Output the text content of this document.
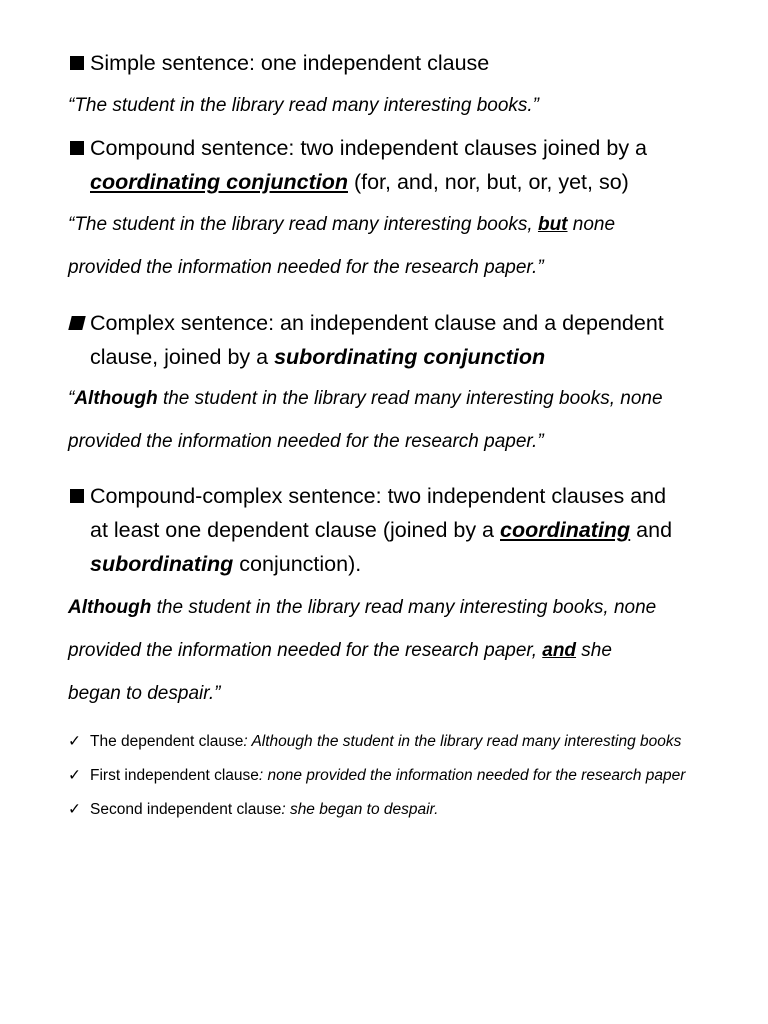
Simple sentence: one independent clause
“The student in the library read many interesting books.”
Compound sentence: two independent clauses joined by a
coordinating conjunction (for, and, nor, but, or, yet, so)
“The student in the library read many interesting books, but none
provided the information needed for the research paper.”
Complex sentence: an independent clause and a dependent
clause, joined by a subordinating conjunction
“Although the student in the library read many interesting books, none
provided the information needed for the research paper.”
Compound-complex sentence: two independent clauses and
at least one dependent clause (joined by a coordinating and
subordinating conjunction).
Although the student in the library read many interesting books, none
provided the information needed for the research paper, and she
began to despair.”
✓ The dependent clause: Although the student in the library read many interesting books
✓ First independent clause: none provided the information needed for the research paper
✓ Second independent clause: she began to despair.
